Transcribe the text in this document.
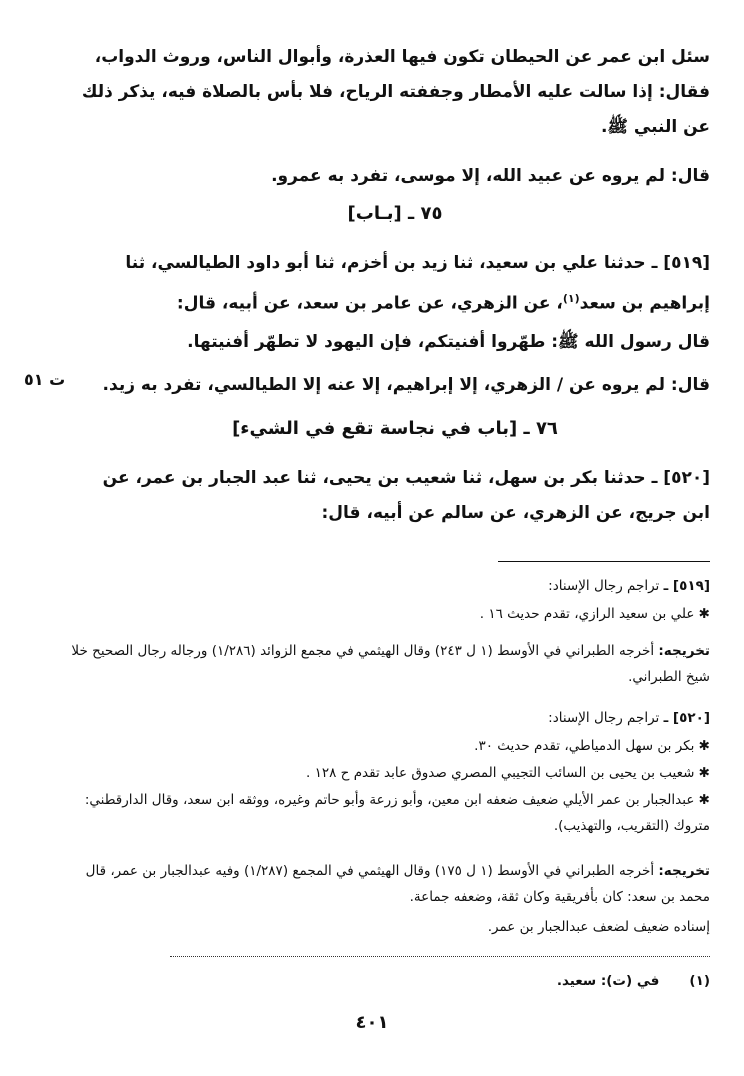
سئل ابن عمر عن الحيطان تكون فيها العذرة، وأبوال الناس، وروث الدواب، فقال: إذا سالت عليه الأمطار وجففته الرياح، فلا بأس بالصلاة فيه، يذكر ذلك عن النبي ﷺ.
قال: لم يروه عن عبيد الله، إلا موسى، تفرد به عمرو.
٧٥ ـ [بـاب]
[٥١٩] ـ حدثنا علي بن سعيد، ثنا زيد بن أخزم، ثنا أبو داود الطيالسي، ثنا إبراهيم بن سعد$^{(١)}$، عن الزهري، عن عامر بن سعد، عن أبيه، قال:
قال رسول الله ﷺ: طهّروا أفنيتكم، فإن اليهود لا تطهّر أفنيتها.
قال: لم يروه عن / الزهري، إلا إبراهيم، إلا عنه إلا الطيالسي، تفرد به زيد.
ت ٥١
٧٦ ـ [باب في نجاسة تقع في الشيء]
[٥٢٠] ـ حدثنا بكر بن سهل، ثنا شعيب بن يحيى، ثنا عبد الجبار بن عمر، عن ابن جريج، عن الزهري، عن سالم عن أبيه، قال:
[٥١٩] ـ تراجم رجال الإسناد:
✱ علي بن سعيد الرازي، تقدم حديث ١٦ .
تخريجه: أخرجه الطبراني في الأوسط (١ ل ٢٤٣) وقال الهيثمي في مجمع الزوائد (١/٢٨٦) ورجاله رجال الصحيح خلا شيخ الطبراني.
[٥٢٠] ـ تراجم رجال الإسناد:
✱ بكر بن سهل الدمياطي، تقدم حديث ٣٠.
✱ شعيب بن يحيى بن السائب التجيبي المصري صدوق عابد تقدم ح ١٢٨ .
✱ عبدالجبار بن عمر الأيلي ضعيف ضعفه ابن معين، وأبو زرعة وأبو حاتم وغيره، ووثقه ابن سعد، وقال الدارقطني: متروك (التقريب، والتهذيب).
تخريجه: أخرجه الطبراني في الأوسط (١ ل ١٧٥) وقال الهيثمي في المجمع (١/٢٨٧) وفيه عبدالجبار بن عمر، قال محمد بن سعد: كان بأفريقية وكان ثقة، وضعفه جماعة.
إسناده ضعيف لضعف عبدالجبار بن عمر.
(١)       في (ت): سعيد.
٤٠١
